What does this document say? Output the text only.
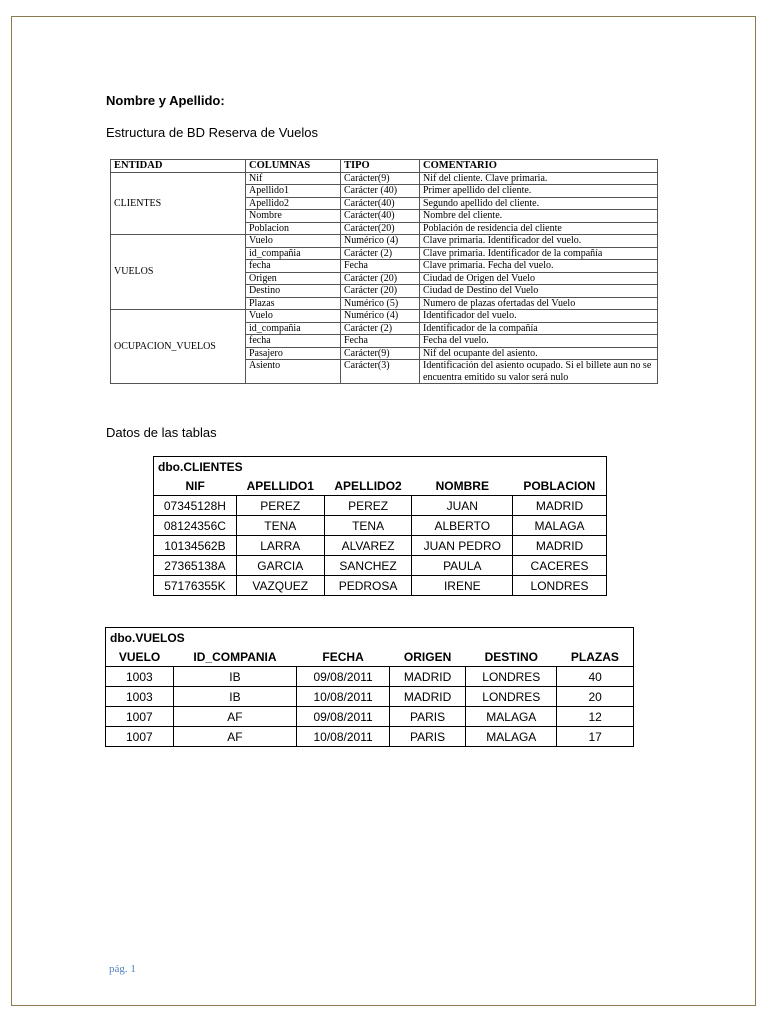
Nombre y Apellido:
Estructura de BD Reserva de Vuelos
ENTIDAD	COLUMNAS	TIPO	COMENTARIO
CLIENTES	Nif	Carácter(9)	Nif del cliente. Clave primaria.
	Apellido1	Carácter (40)	Primer apellido del cliente.
	Apellido2	Carácter(40)	Segundo apellido del cliente.
	Nombre	Carácter(40)	Nombre del cliente.
	Poblacion	Carácter(20)	Población de residencia del cliente
VUELOS	Vuelo	Numérico (4)	Clave primaria. Identificador del vuelo.
	id_compañia	Carácter (2)	Clave primaria. Identificador de la compañía
	fecha	Fecha	Clave primaria. Fecha del vuelo.
	Origen	Carácter (20)	Ciudad de Origen del Vuelo
	Destino	Carácter (20)	Ciudad de Destino del Vuelo
	Plazas	Numérico (5)	Numero de plazas ofertadas del Vuelo
OCUPACION_VUELOS	Vuelo	Numérico (4)	Identificador del vuelo.
	id_compañia	Carácter (2)	Identificador de la compañía
	fecha	Fecha	Fecha del vuelo.
	Pasajero	Carácter(9)	Nif del ocupante del asiento.
	Asiento	Carácter(3)	Identificación del asiento ocupado. Si el billete aun no se encuentra emitido su valor será nulo
Datos de las tablas
dbo.CLIENTES				
NIF	APELLIDO1	APELLIDO2	NOMBRE	POBLACION
07345128H	PEREZ	PEREZ	JUAN	MADRID
08124356C	TENA	TENA	ALBERTO	MALAGA
10134562B	LARRA	ALVAREZ	JUAN PEDRO	MADRID
27365138A	GARCIA	SANCHEZ	PAULA	CACERES
57176355K	VAZQUEZ	PEDROSA	IRENE	LONDRES
dbo.VUELOS					
VUELO	ID_COMPANIA	FECHA	ORIGEN	DESTINO	PLAZAS
1003	IB	09/08/2011	MADRID	LONDRES	40
1003	IB	10/08/2011	MADRID	LONDRES	20
1007	AF	09/08/2011	PARIS	MALAGA	12
1007	AF	10/08/2011	PARIS	MALAGA	17
pág. 1
